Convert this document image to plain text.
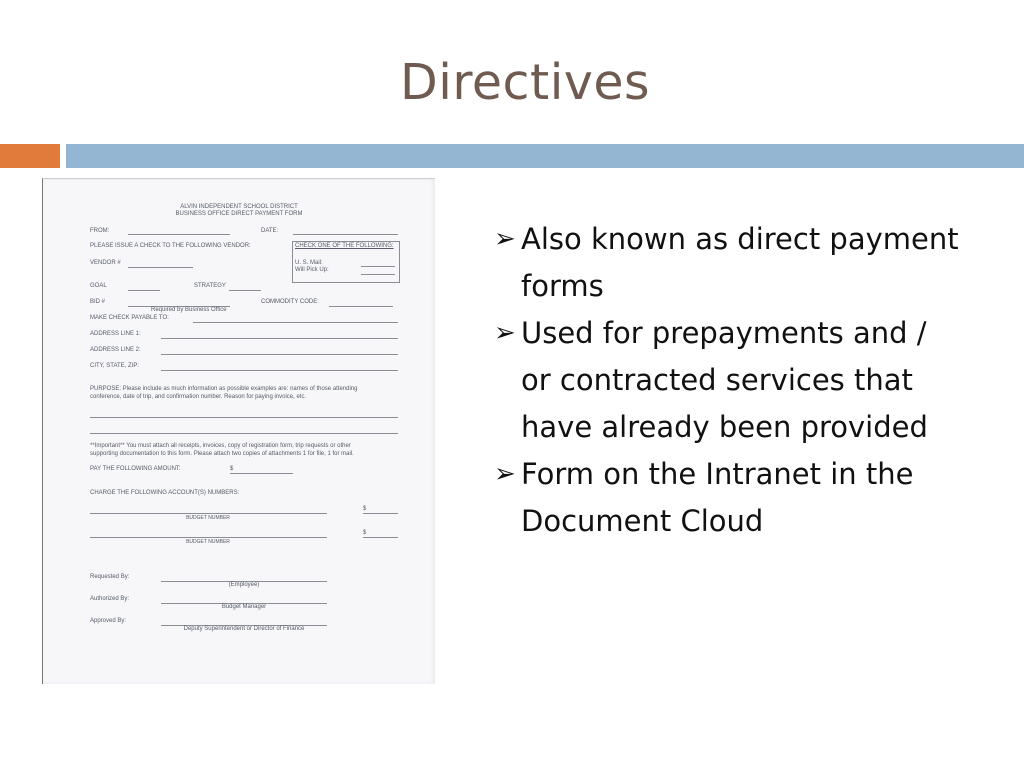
Directives
ALVIN INDEPENDENT SCHOOL DISTRICT
BUSINESS OFFICE DIRECT PAYMENT FORM
FROM:	DATE:
PLEASE ISSUE A CHECK TO THE FOLLOWING VENDOR:	CHECK ONE OF THE FOLLOWING:
VENDOR #	U. S. Mail:
Will Pick Up:
GOAL	STRATEGY
BID #	COMMODITY CODE:
Required by Business Office
MAKE CHECK PAYABLE TO:
ADDRESS LINE 1:
ADDRESS LINE 2:
CITY, STATE, ZIP:
PURPOSE: Please include as much information as possible examples are: names of those attending
conference, date of trip, and confirmation number. Reason for paying invoice, etc.
**Important** You must attach all receipts, invoices, copy of registration form, trip requests or other
supporting documentation to this form. Please attach two copies of attachments 1 for file, 1 for mail.
PAY THE FOLLOWING AMOUNT:	$
CHARGE THE FOLLOWING ACCOUNT(S) NUMBERS:
$
BUDGET NUMBER
$
BUDGET NUMBER
Requested By:
(Employee)
Authorized By:
Budget Manager
Approved By:
Deputy Superintendent or Director of Finance

➢ Also known as direct payment forms

➢ Used for prepayments and / or contracted services that have already been provided

➢ Form on the Intranet in the Document Cloud
